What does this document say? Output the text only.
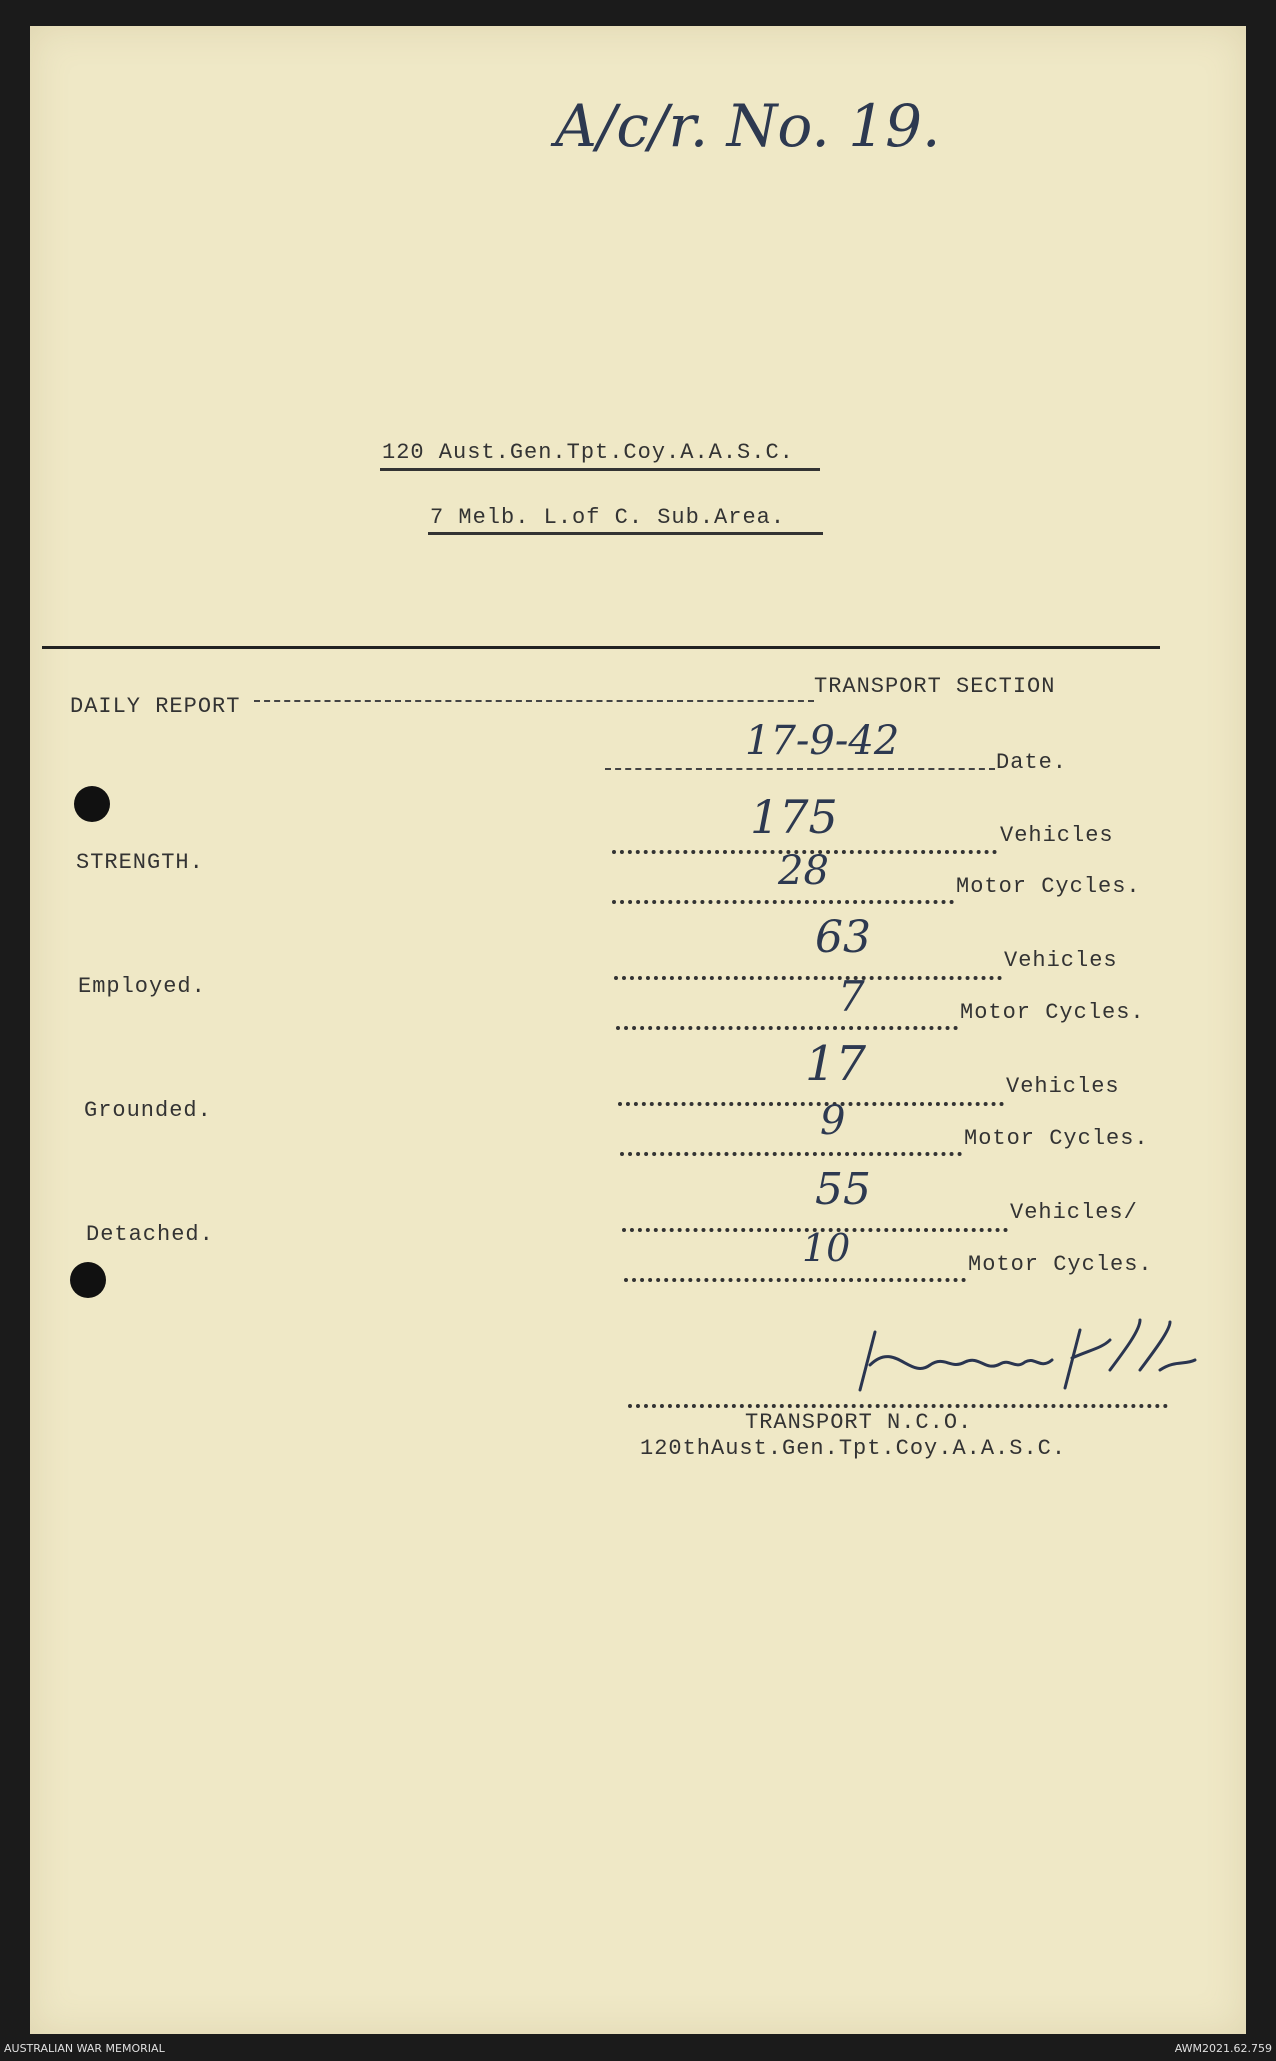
A/c/r. No. 19.
120 Aust.Gen.Tpt.Coy.A.A.S.C.
7 Melb. L.of C. Sub.Area.
DAILY REPORT
TRANSPORT SECTION
17-9-42	Date.
STRENGTH.
175	Vehicles
28	Motor Cycles.
Employed.
63	Vehicles
7	Motor Cycles.
Grounded.
17	Vehicles
9	Motor Cycles.
Detached.
55	Vehicles/
10	Motor Cycles.
TRANSPORT N.C.O.
120thAust.Gen.Tpt.Coy.A.A.S.C.
AUSTRALIAN WAR MEMORIAL	AWM2021.62.759
